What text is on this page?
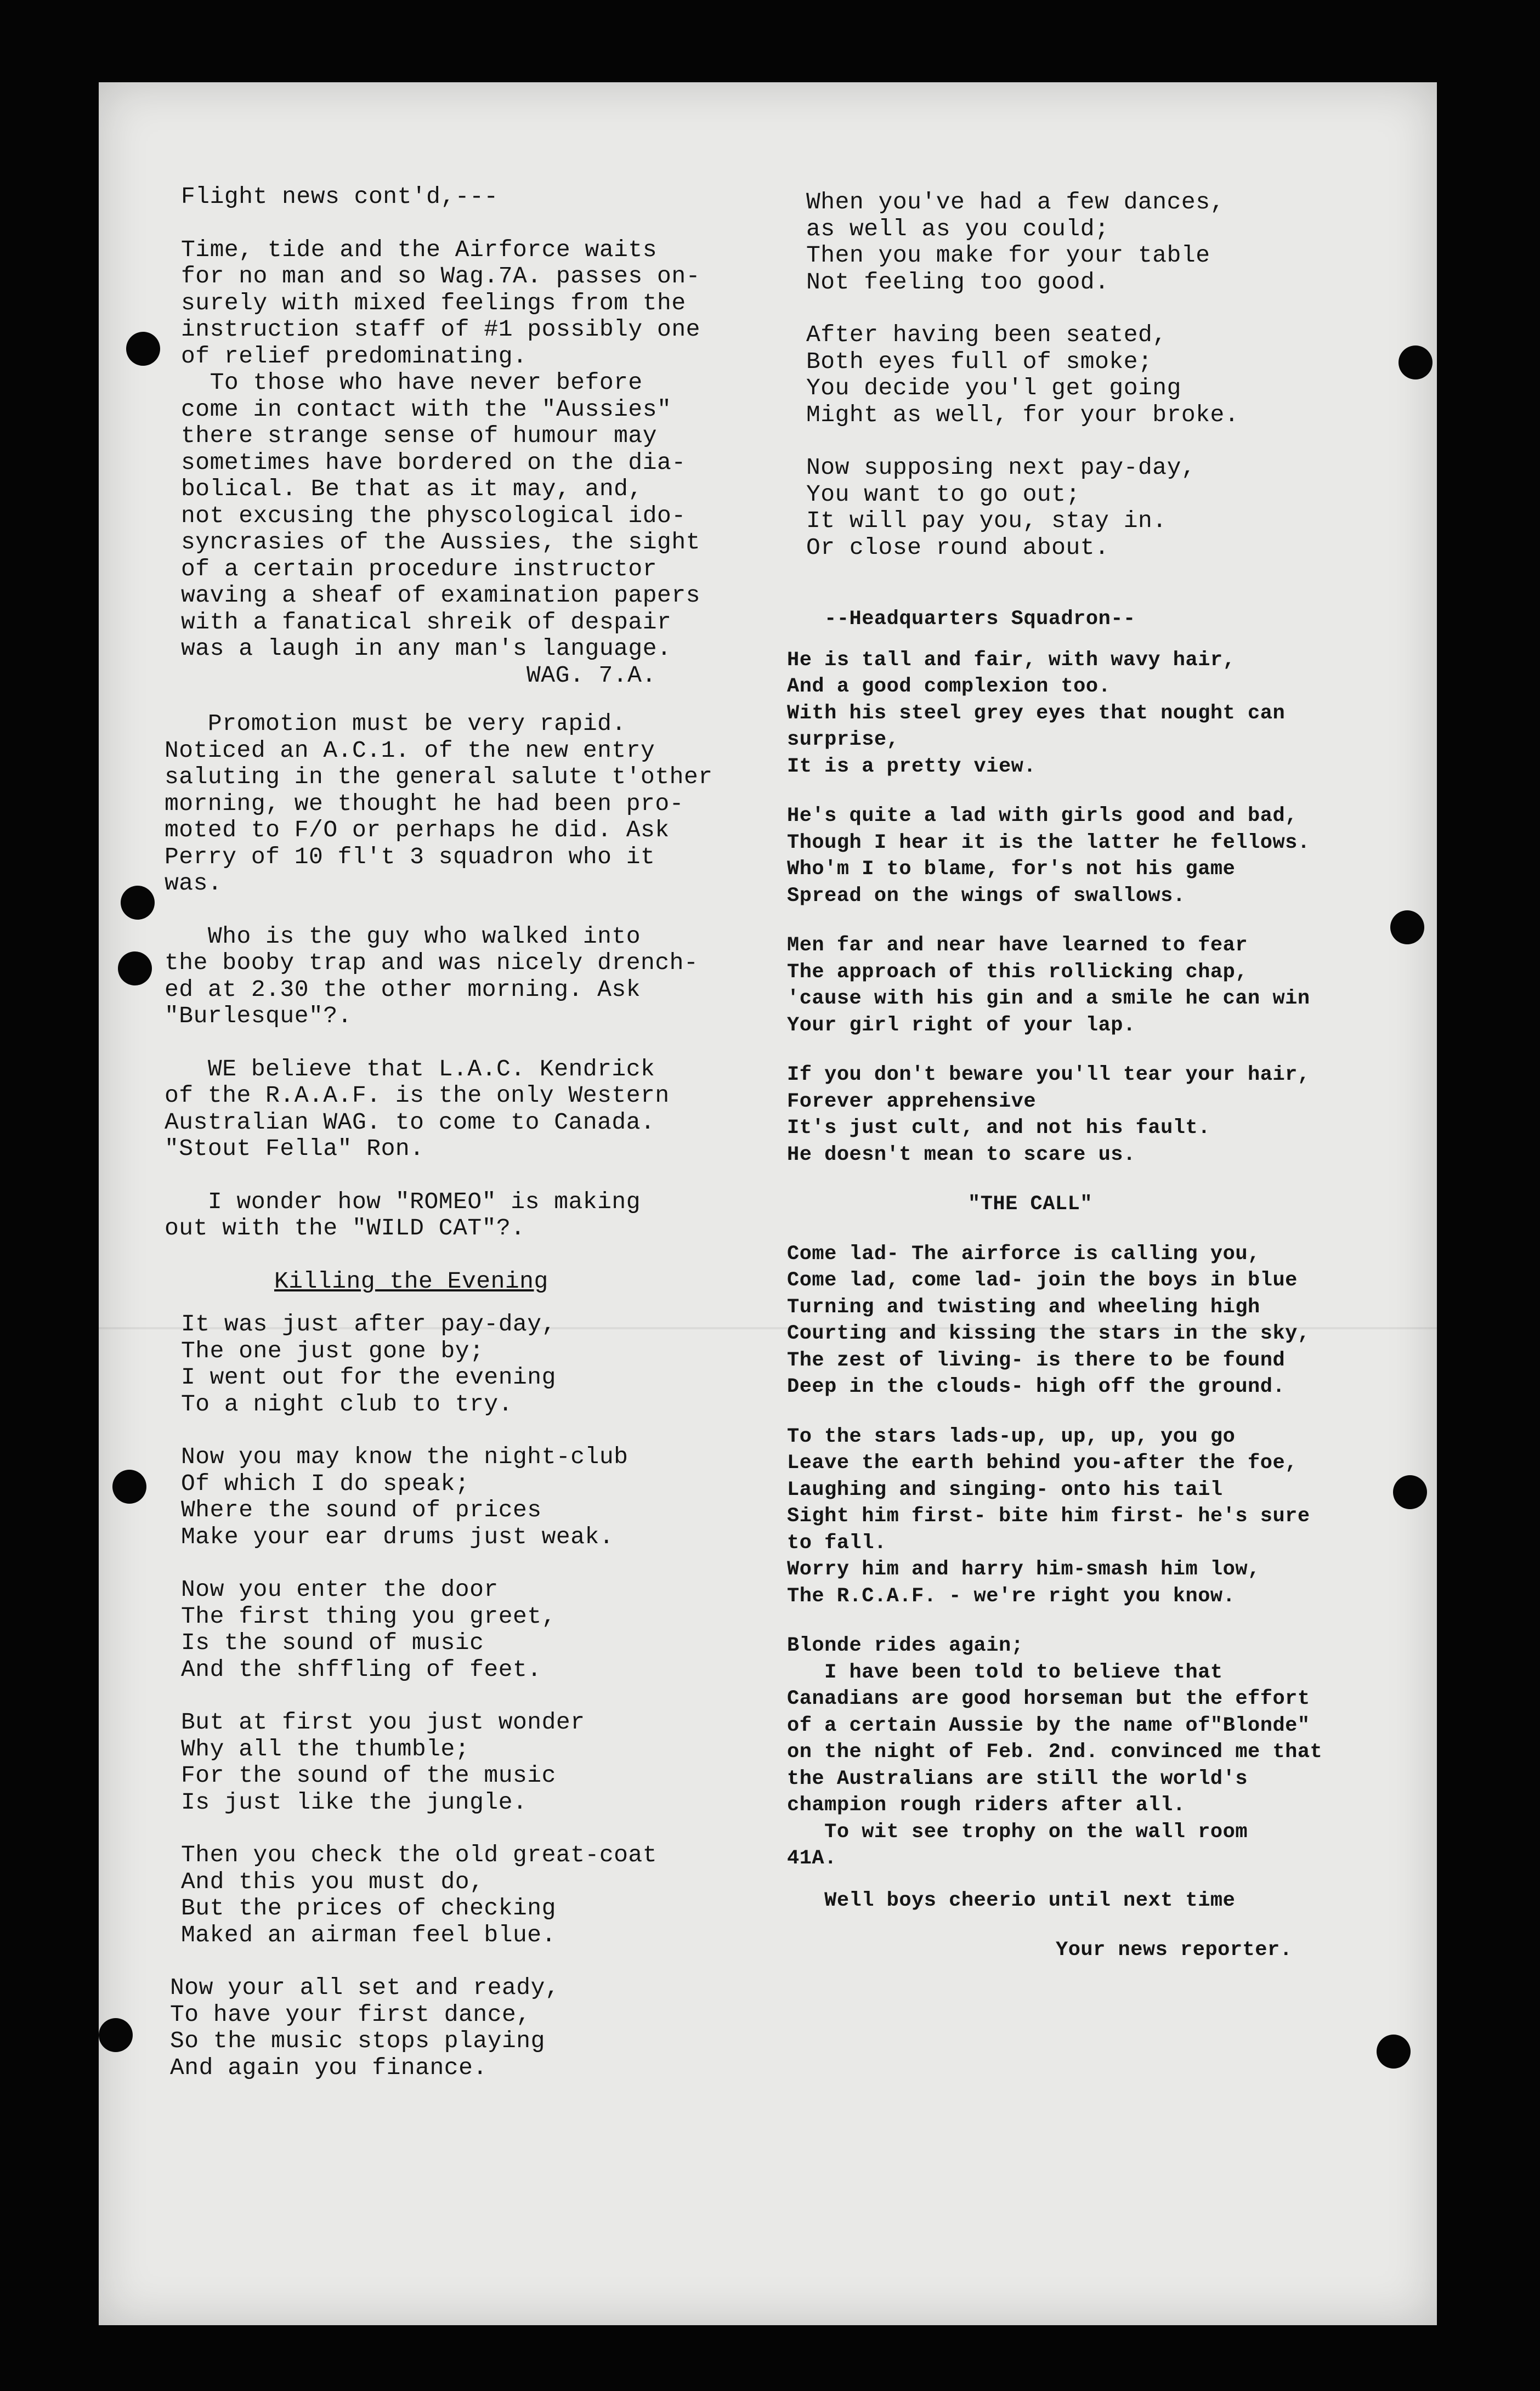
Flight news cont'd,---
Time, tide and the Airforce waits
for no man and so Wag.7A. passes on-
surely with mixed feelings from the
instruction staff of #1 possibly one
of relief predominating.
To those who have never before
come in contact with the "Aussies"
there strange sense of humour may
sometimes have bordered on the dia-
bolical. Be that as it may, and,
not excusing the physcological ido-
syncrasies of the Aussies, the sight
of a certain procedure instructor
waving a sheaf of examination papers
with a fanatical shreik of despair
was a laugh in any man's language.
WAG. 7.A.
Promotion must be very rapid.
Noticed an A.C.1. of the new entry
saluting in the general salute t'other
morning, we thought he had been pro-
moted to F/O or perhaps he did. Ask
Perry of 10 fl't 3 squadron who it
was.
Who is the guy who walked into
the booby trap and was nicely drench-
ed at 2.30 the other morning. Ask
"Burlesque"?.
WE believe that L.A.C. Kendrick
of the R.A.A.F. is the only Western
Australian WAG. to come to Canada.
"Stout Fella" Ron.
I wonder how "ROMEO" is making
out with the "WILD CAT"?.
Killing the Evening
It was just after pay-day,
The one just gone by;
I went out for the evening
To a night club to try.
Now you may know the night-club
Of which I do speak;
Where the sound of prices
Make your ear drums just weak.
Now you enter the door
The first thing you greet,
Is the sound of music
And the shffling of feet.
But at first you just wonder
Why all the thumble;
For the sound of the music
Is just like the jungle.
Then you check the old great-coat
And this you must do,
But the prices of checking
Maked an airman feel blue.
Now your all set and ready,
To have your first dance,
So the music stops playing
And again you finance.
When you've had a few dances,
as well as you could;
Then you make for your table
Not feeling too good.
After having been seated,
Both eyes full of smoke;
You decide you'l get going
Might as well, for your broke.
Now supposing next pay-day,
You want to go out;
It will pay you, stay in.
Or close round about.
--Headquarters Squadron--
He is tall and fair, with wavy hair,
And a good complexion too.
With his steel grey eyes that nought can
surprise,
It is a pretty view.
He's quite a lad with girls good and bad,
Though I hear it is the latter he fellows.
Who'm I to blame, for's not his game
Spread on the wings of swallows.
Men far and near have learned to fear
The approach of this rollicking chap,
'cause with his gin and a smile he can win
Your girl right of your lap.
If you don't beware you'll tear your hair,
Forever apprehensive
It's just cult, and not his fault.
He doesn't mean to scare us.
"THE CALL"
Come lad- The airforce is calling you,
Come lad, come lad- join the boys in blue
Turning and twisting and wheeling high
Courting and kissing the stars in the sky,
The zest of living- is there to be found
Deep in the clouds- high off the ground.
To the stars lads-up, up, up, you go
Leave the earth behind you-after the foe,
Laughing and singing- onto his tail
Sight him first- bite him first- he's sure
to fall.
Worry him and harry him-smash him low,
The R.C.A.F. - we're right you know.
Blonde rides again;
I have been told to believe that
Canadians are good horseman but the effort
of a certain Aussie by the name of"Blonde"
on the night of Feb. 2nd. convinced me that
the Australians are still the world's
champion rough riders after all.
To wit see trophy on the wall room
41A.
Well boys cheerio until next time
Your news reporter.
